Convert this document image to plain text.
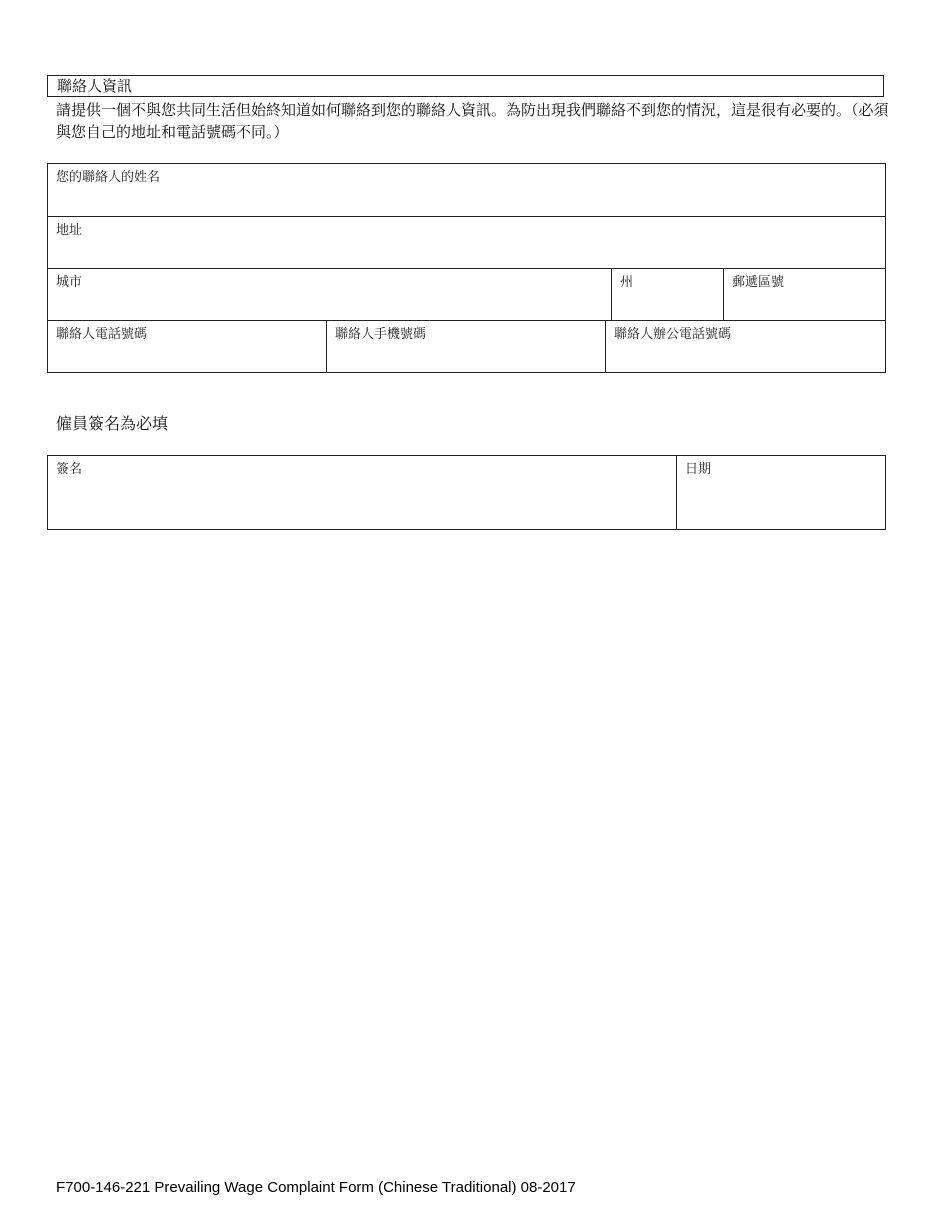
聯絡人資訊
請提供一個不與您共同生活但始終知道如何聯絡到您的聯絡人資訊。為防出現我們聯絡不到您的情況，這是很有必要的。（必須與您自己的地址和電話號碼不同。）
您的聯絡人的姓名				

地址				

城市			州	郵遞區號

聯絡人電話號碼	聯絡人手機號碼	聯絡人辦公電話號碼		
僱員簽名為必填
簽名	日期
F700-146-221 Prevailing Wage Complaint Form (Chinese Traditional) 08-2017
